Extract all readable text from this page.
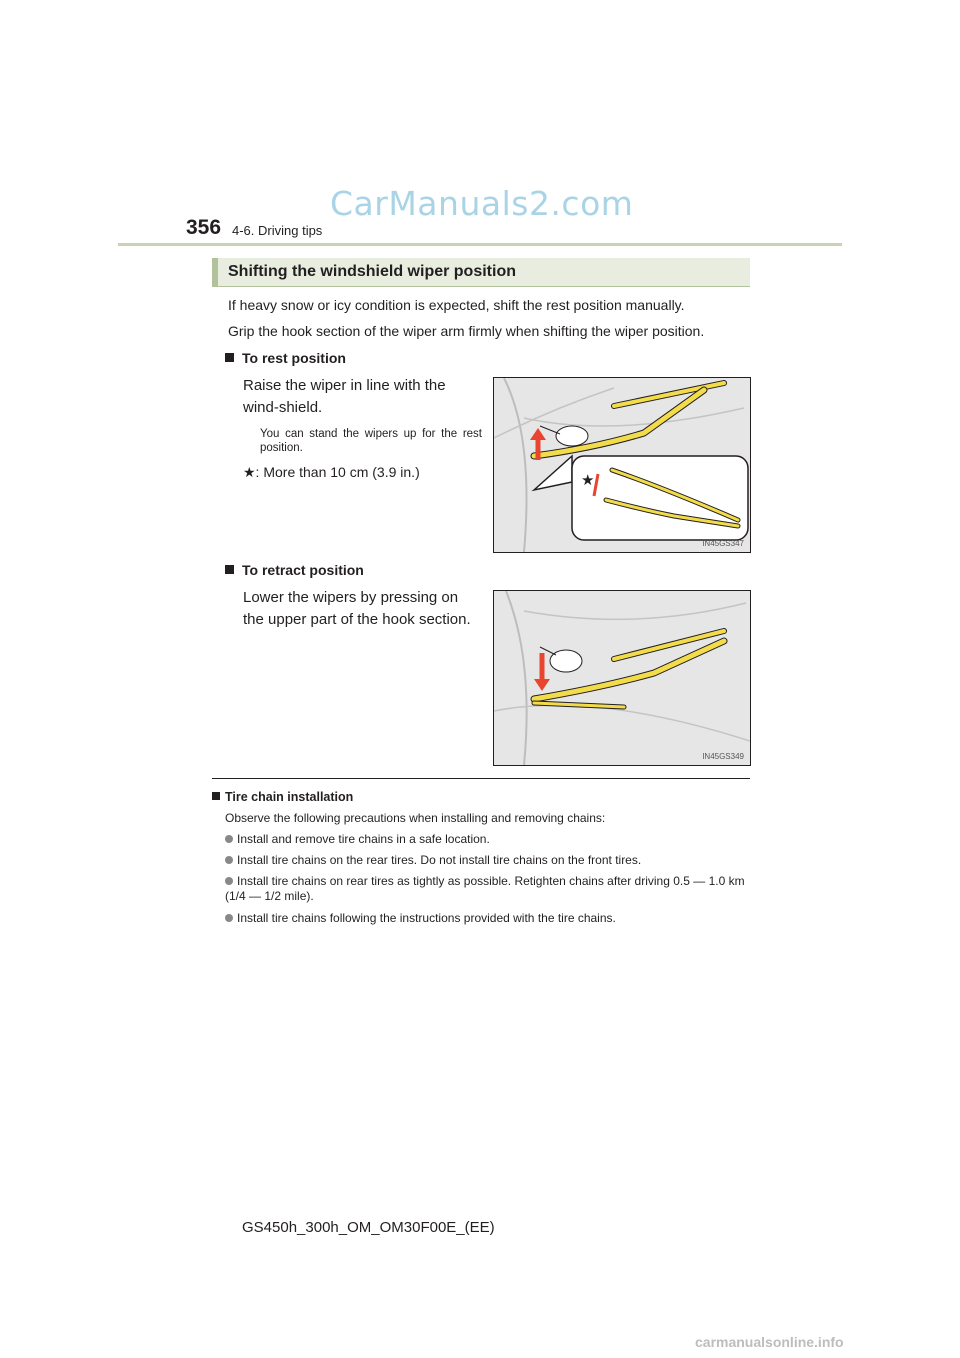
CarManuals2.com
356 4-6. Driving tips
Shifting the windshield wiper position
If heavy snow or icy condition is expected, shift the rest position manually.
Grip the hook section of the wiper arm firmly when shifting the wiper position.
To rest position
Raise the wiper in line with the wind-shield.
You can stand the wipers up for the rest position.
★: More than 10 cm (3.9 in.)	★
IN45GS347
To retract position
Lower the wipers by pressing on the upper part of the hook section.
IN45GS349
Tire chain installation
Observe the following precautions when installing and removing chains:
Install and remove tire chains in a safe location.
Install tire chains on the rear tires. Do not install tire chains on the front tires.
Install tire chains on rear tires as tightly as possible. Retighten chains after driving 0.5 — 1.0 km (1/4 — 1/2 mile).
Install tire chains following the instructions provided with the tire chains.
GS450h_300h_OM_OM30F00E_(EE)
carmanualsonline.info
